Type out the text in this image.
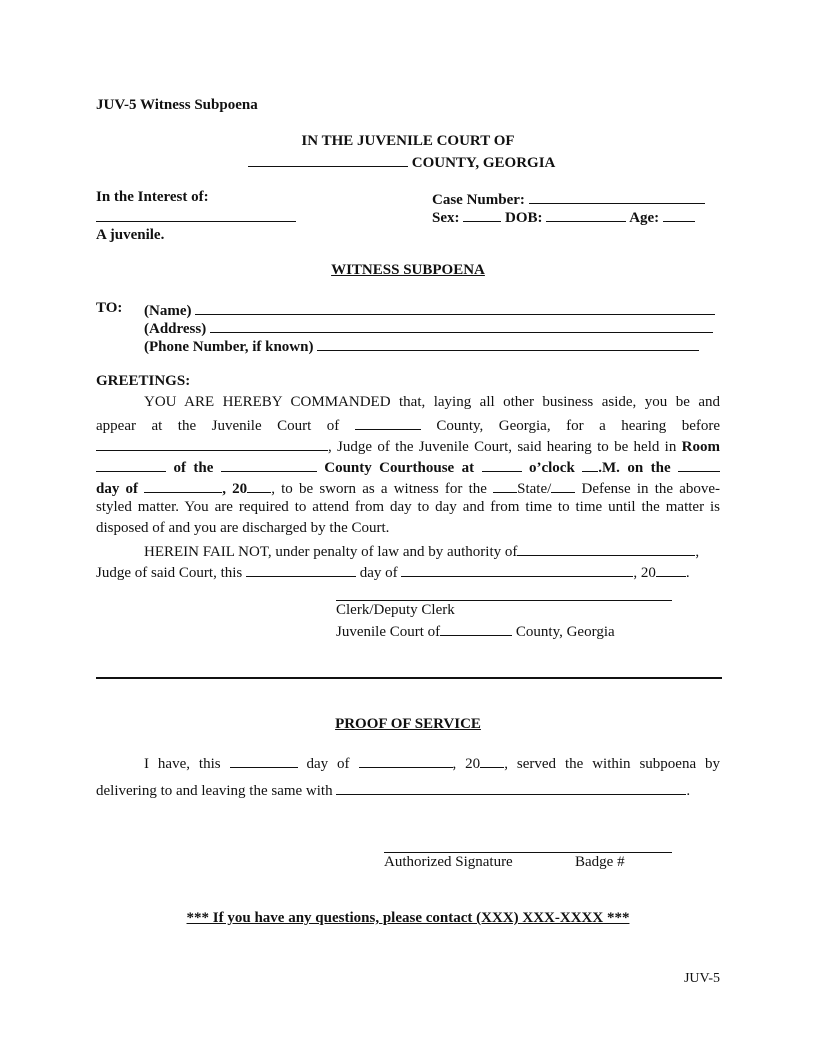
JUV-5 Witness Subpoena
IN THE JUVENILE COURT OF
COUNTY, GEORGIA
In the Interest of:
A juvenile.
Case Number:
Sex:	DOB:	Age:
WITNESS SUBPOENA
TO: (Name)
(Address)
(Phone Number, if known)
GREETINGS:
YOU ARE HEREBY COMMANDED that, laying all other business aside, you be and
appear at the Juvenile Court of	County, Georgia, for a hearing before
, Judge of the Juvenile Court, said hearing to be held in Room
of the	County Courthouse at	o’clock .M. on the
day of	, 20 , to be sworn as a witness for the State/ Defense in the above-
styled matter. You are required to attend from day to day and from time to time until the matter is
disposed of and you are discharged by the Court.
HEREIN FAIL NOT, under penalty of law and by authority of	,
Judge of said Court, this	day of	, 20 .
Clerk/Deputy Clerk
Juvenile Court of	County, Georgia
PROOF OF SERVICE
I have, this	day of	, 20 , served the within subpoena by
delivering to and leaving the same with	.
Authorized Signature	Badge #
*** If you have any questions, please contact (XXX) XXX-XXXX ***
JUV-5
